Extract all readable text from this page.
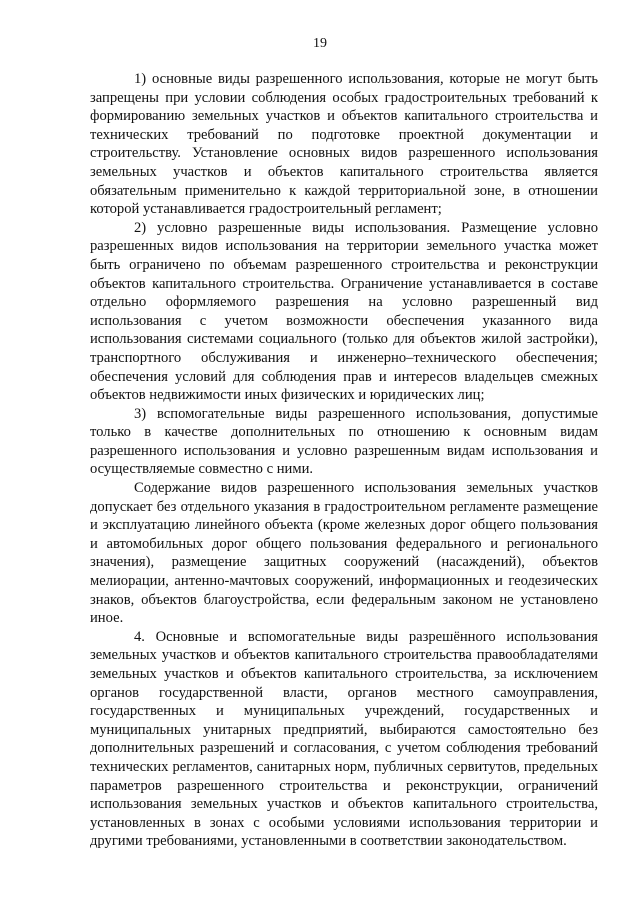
19

1) основные виды разрешенного использования, которые не могут быть запрещены при условии соблюдения особых градостроительных требований к формированию земельных участков и объектов капитального строительства и технических требований по подготовке проектной документации и строительству. Установление основных видов разрешенного использования земельных участков и объектов капитального строительства является обязательным применительно к каждой территориальной зоне, в отношении которой устанавливается градостроительный регламент;

2) условно разрешенные виды использования. Размещение условно разрешенных видов использования на территории земельного участка может быть ограничено по объемам разрешенного строительства и реконструкции объектов капитального строительства. Ограничение устанавливается в составе отдельно оформляемого разрешения на условно разрешенный вид использования с учетом возможности обеспечения указанного вида использования системами социального (только для объектов жилой застройки), транспортного обслуживания и инженерно–технического обеспечения; обеспечения условий для соблюдения прав и интересов владельцев смежных объектов недвижимости иных физических и юридических лиц;

3) вспомогательные виды разрешенного использования, допустимые только в качестве дополнительных по отношению к основным видам разрешенного использования и условно разрешенным видам использования и осуществляемые совместно с ними.

Содержание видов разрешенного использования земельных участков допускает без отдельного указания в градостроительном регламенте размещение и эксплуатацию линейного объекта (кроме железных дорог общего пользования и автомобильных дорог общего пользования федерального и регионального значения), размещение защитных сооружений (насаждений), объектов мелиорации, антенно-мачтовых сооружений, информационных и геодезических знаков, объектов благоустройства, если федеральным законом не установлено иное.

4. Основные и вспомогательные виды разрешённого использования земельных участков и объектов капитального строительства правообладателями земельных участков и объектов капитального строительства, за исключением органов государственной власти, органов местного самоуправления, государственных и муниципальных учреждений, государственных и муниципальных унитарных предприятий, выбираются самостоятельно без дополнительных разрешений и согласования, с учетом соблюдения требований технических регламентов, санитарных норм, публичных сервитутов, предельных параметров разрешенного строительства и реконструкции, ограничений использования земельных участков и объектов капитального строительства, установленных в зонах с особыми условиями использования территории и другими требованиями, установленными в соответствии законодательством.
